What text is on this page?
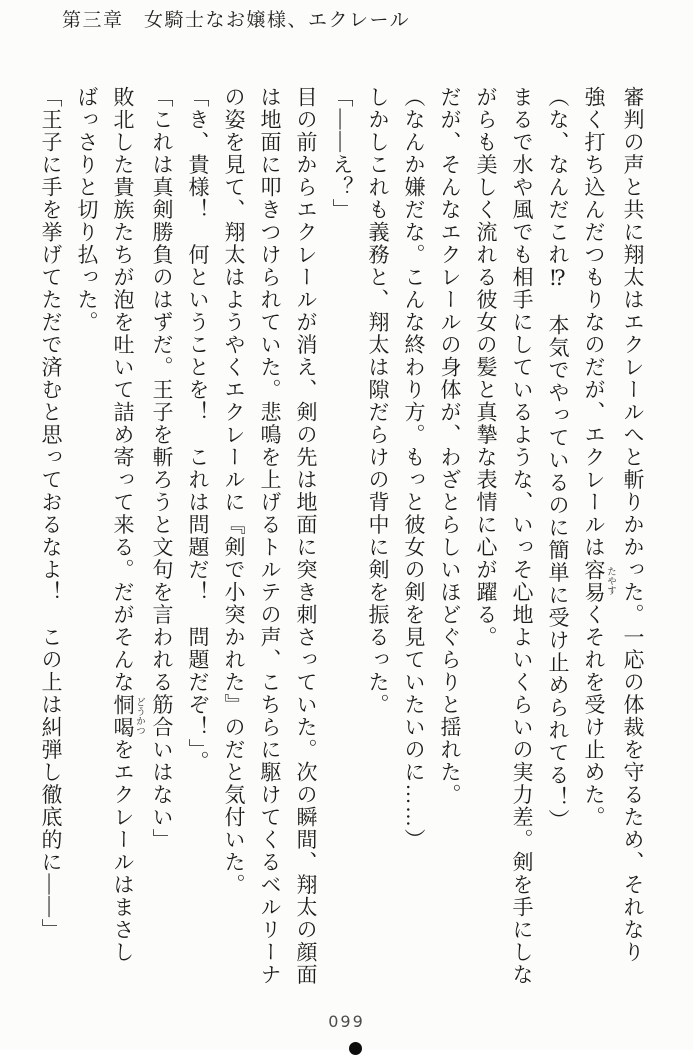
第三章　女騎士なお嬢様、エクレール
審判の声と共に翔太はエクレールへと斬りかかった。一応の体裁を守るため、それなり
強く打ち込んだつもりなのだが、エクレールは容易 たやすくそれを受け止めた。
（な、なんだこれ⁉　本気でやっているのに簡単に受け止められてる！）
まるで水や風でも相手にしているような、いっそ心地よいくらいの実力差。剣を手にしな
がらも美しく流れる彼女の髪と真摯な表情に心が躍る。
だが、そんなエクレールの身体が、わざとらしいほどぐらりと揺れた。
（なんか嫌だな。こんな終わり方。もっと彼女の剣を見ていたいのに……）
しかしこれも義務と、翔太は隙だらけの背中に剣を振るった。
「――え？」
目の前からエクレールが消え、剣の先は地面に突き刺さっていた。次の瞬間、翔太の顔面
は地面に叩きつけられていた。悲鳴を上げるトルテの声、こちらに駆けてくるベルリーナ
の姿を見て、翔太はようやくエクレールに『剣で小突かれた』のだと気付いた。
「き、貴様！　何ということを！　これは問題だ！　問題だぞ！」。
「これは真剣勝負のはずだ。王子を斬ろうと文句を言われる筋合いはない」
敗北した貴族たちが泡を吐いて詰め寄って来る。だがそんな恫喝 どうかつをエクレールはまさし
ばっさりと切り払った。
「王子に手を挙げてただで済むと思っておるなよ！　この上は糾弾し徹底的に――」
099
